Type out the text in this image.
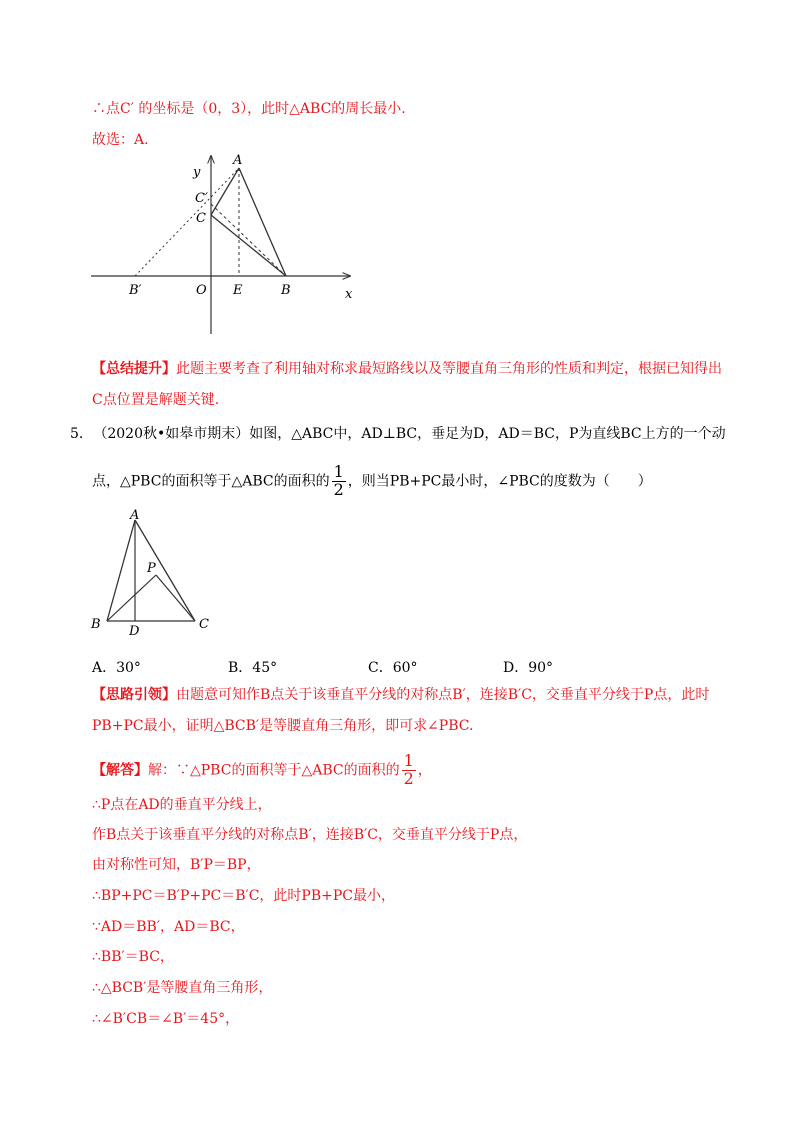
∴点C′ 的坐标是（0，3），此时△ABC的周长最小.
故选：A.
y
A
C′
C
B′	O E	B	x
【总结提升】此题主要考查了利用轴对称求最短路线以及等腰直角三角形的性质和判定，根据已知得出
C点位置是解题关键.
5. （2020秋•如皋市期末）如图，△ABC中，AD⊥BC，垂足为D，AD＝BC，P为直线BC上方的一个动
点，△PBC的面积等于△ABC的面积的 $\frac{1}{2}$ ，则当PB+PC最小时，∠PBC的度数为（　　）
A
P
B D	C
A．30°	B．45°	C．60°	D．90°
【思路引领】由题意可知作B点关于该垂直平分线的对称点B′，连接B′C，交垂直平分线于P点，此时
PB+PC最小，证明△BCB′是等腰直角三角形，即可求∠PBC.
【解答】解：∵△PBC的面积等于△ABC的面积的 $\frac{1}{2}$ ，
∴P点在AD的垂直平分线上，
作B点关于该垂直平分线的对称点B′，连接B′C，交垂直平分线于P点，
由对称性可知，B′P＝BP，
∴BP+PC＝B′P+PC＝B′C，此时PB+PC最小，
∵AD＝BB′，AD＝BC，
∴BB′＝BC，
∴△BCB′是等腰直角三角形，
∴∠B′CB＝∠B′＝45°，
